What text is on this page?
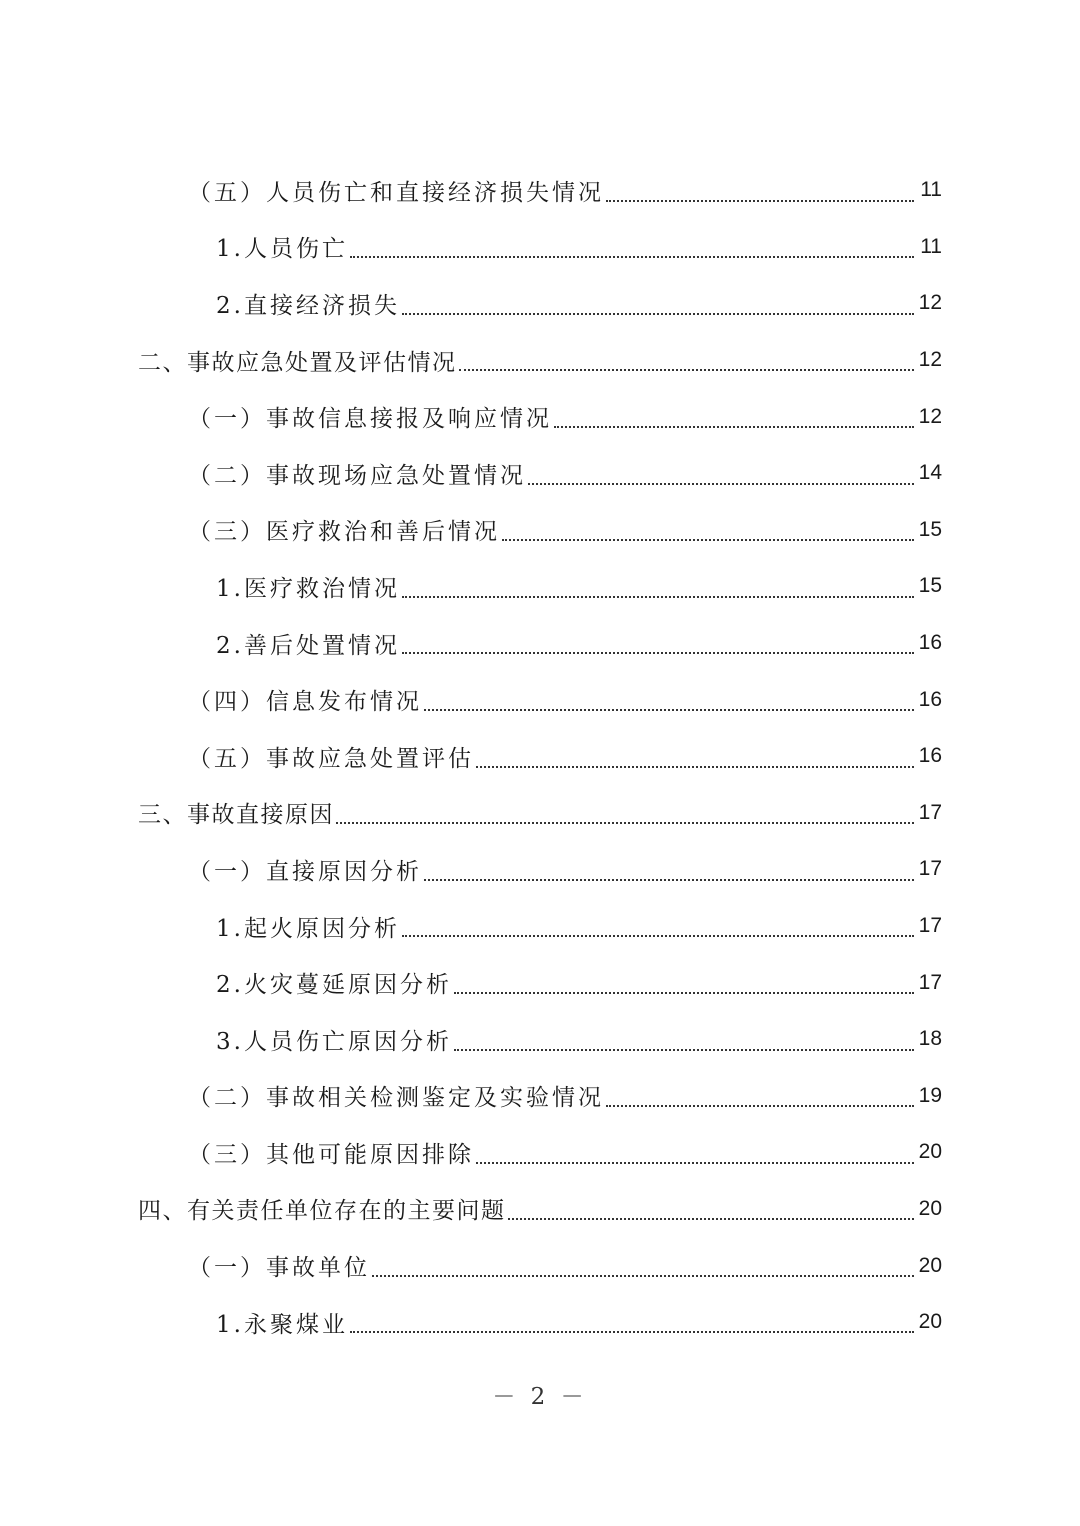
（五）人员伤亡和直接经济损失情况	11
1.人员伤亡	11
2.直接经济损失	12
二、事故应急处置及评估情况	12
（一）事故信息接报及响应情况	12
（二）事故现场应急处置情况	14
（三）医疗救治和善后情况	15
1.医疗救治情况	15
2.善后处置情况	16
（四）信息发布情况	16
（五）事故应急处置评估	16
三、事故直接原因	17
（一）直接原因分析	17
1.起火原因分析	17
2.火灾蔓延原因分析	17
3.人员伤亡原因分析	18
（二）事故相关检测鉴定及实验情况	19
（三）其他可能原因排除	20
四、有关责任单位存在的主要问题	20
（一）事故单位	20
1.永聚煤业	20
－ 2 －
